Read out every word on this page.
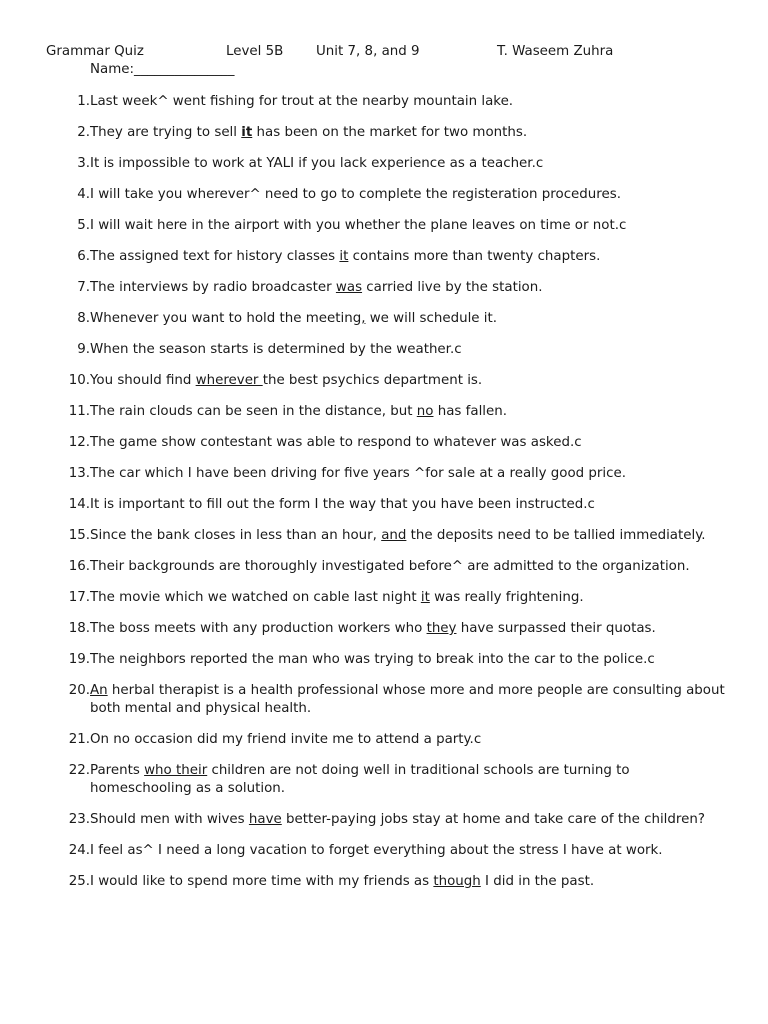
Grammar Quiz	Level 5B Unit 7, 8, and 9	T. Waseem Zuhra
Name:_______________
1. Last week^ went fishing for trout at the nearby mountain lake.
2. They are trying to sell it has been on the market for two months.
3. It is impossible to work at YALI if you lack experience as a teacher.c
4. I will take you wherever^ need to go to complete the registeration procedures.
5. I will wait here in the airport with you whether the plane leaves on time or not.c
6. The assigned text for history classes it contains more than twenty chapters.
7. The interviews by radio broadcaster was carried live by the station.
8. Whenever you want to hold the meeting, we will schedule it.
9. When the season starts is determined by the weather.c
10. You should find wherever the best psychics department is.
11. The rain clouds can be seen in the distance, but no has fallen.
12. The game show contestant was able to respond to whatever was asked.c
13. The car which I have been driving for five years ^for sale at a really good price.
14. It is important to fill out the form I the way that you have been instructed.c
15. Since the bank closes in less than an hour, and the deposits need to be tallied immediately.
16. Their backgrounds are thoroughly investigated before^ are admitted to the organization.
17. The movie which we watched on cable last night it was really frightening.
18. The boss meets with any production workers who they have surpassed their quotas.
19. The neighbors reported the man who was trying to break into the car to the police.c
20. An herbal therapist is a health professional whose more and more people are consulting about both mental and physical health.
21. On no occasion did my friend invite me to attend a party.c
22. Parents who their children are not doing well in traditional schools are turning to homeschooling as a solution.
23. Should men with wives have better-paying jobs stay at home and take care of the children?
24. I feel as^ I need a long vacation to forget everything about the stress I have at work.
25. I would like to spend more time with my friends as though I did in the past.
